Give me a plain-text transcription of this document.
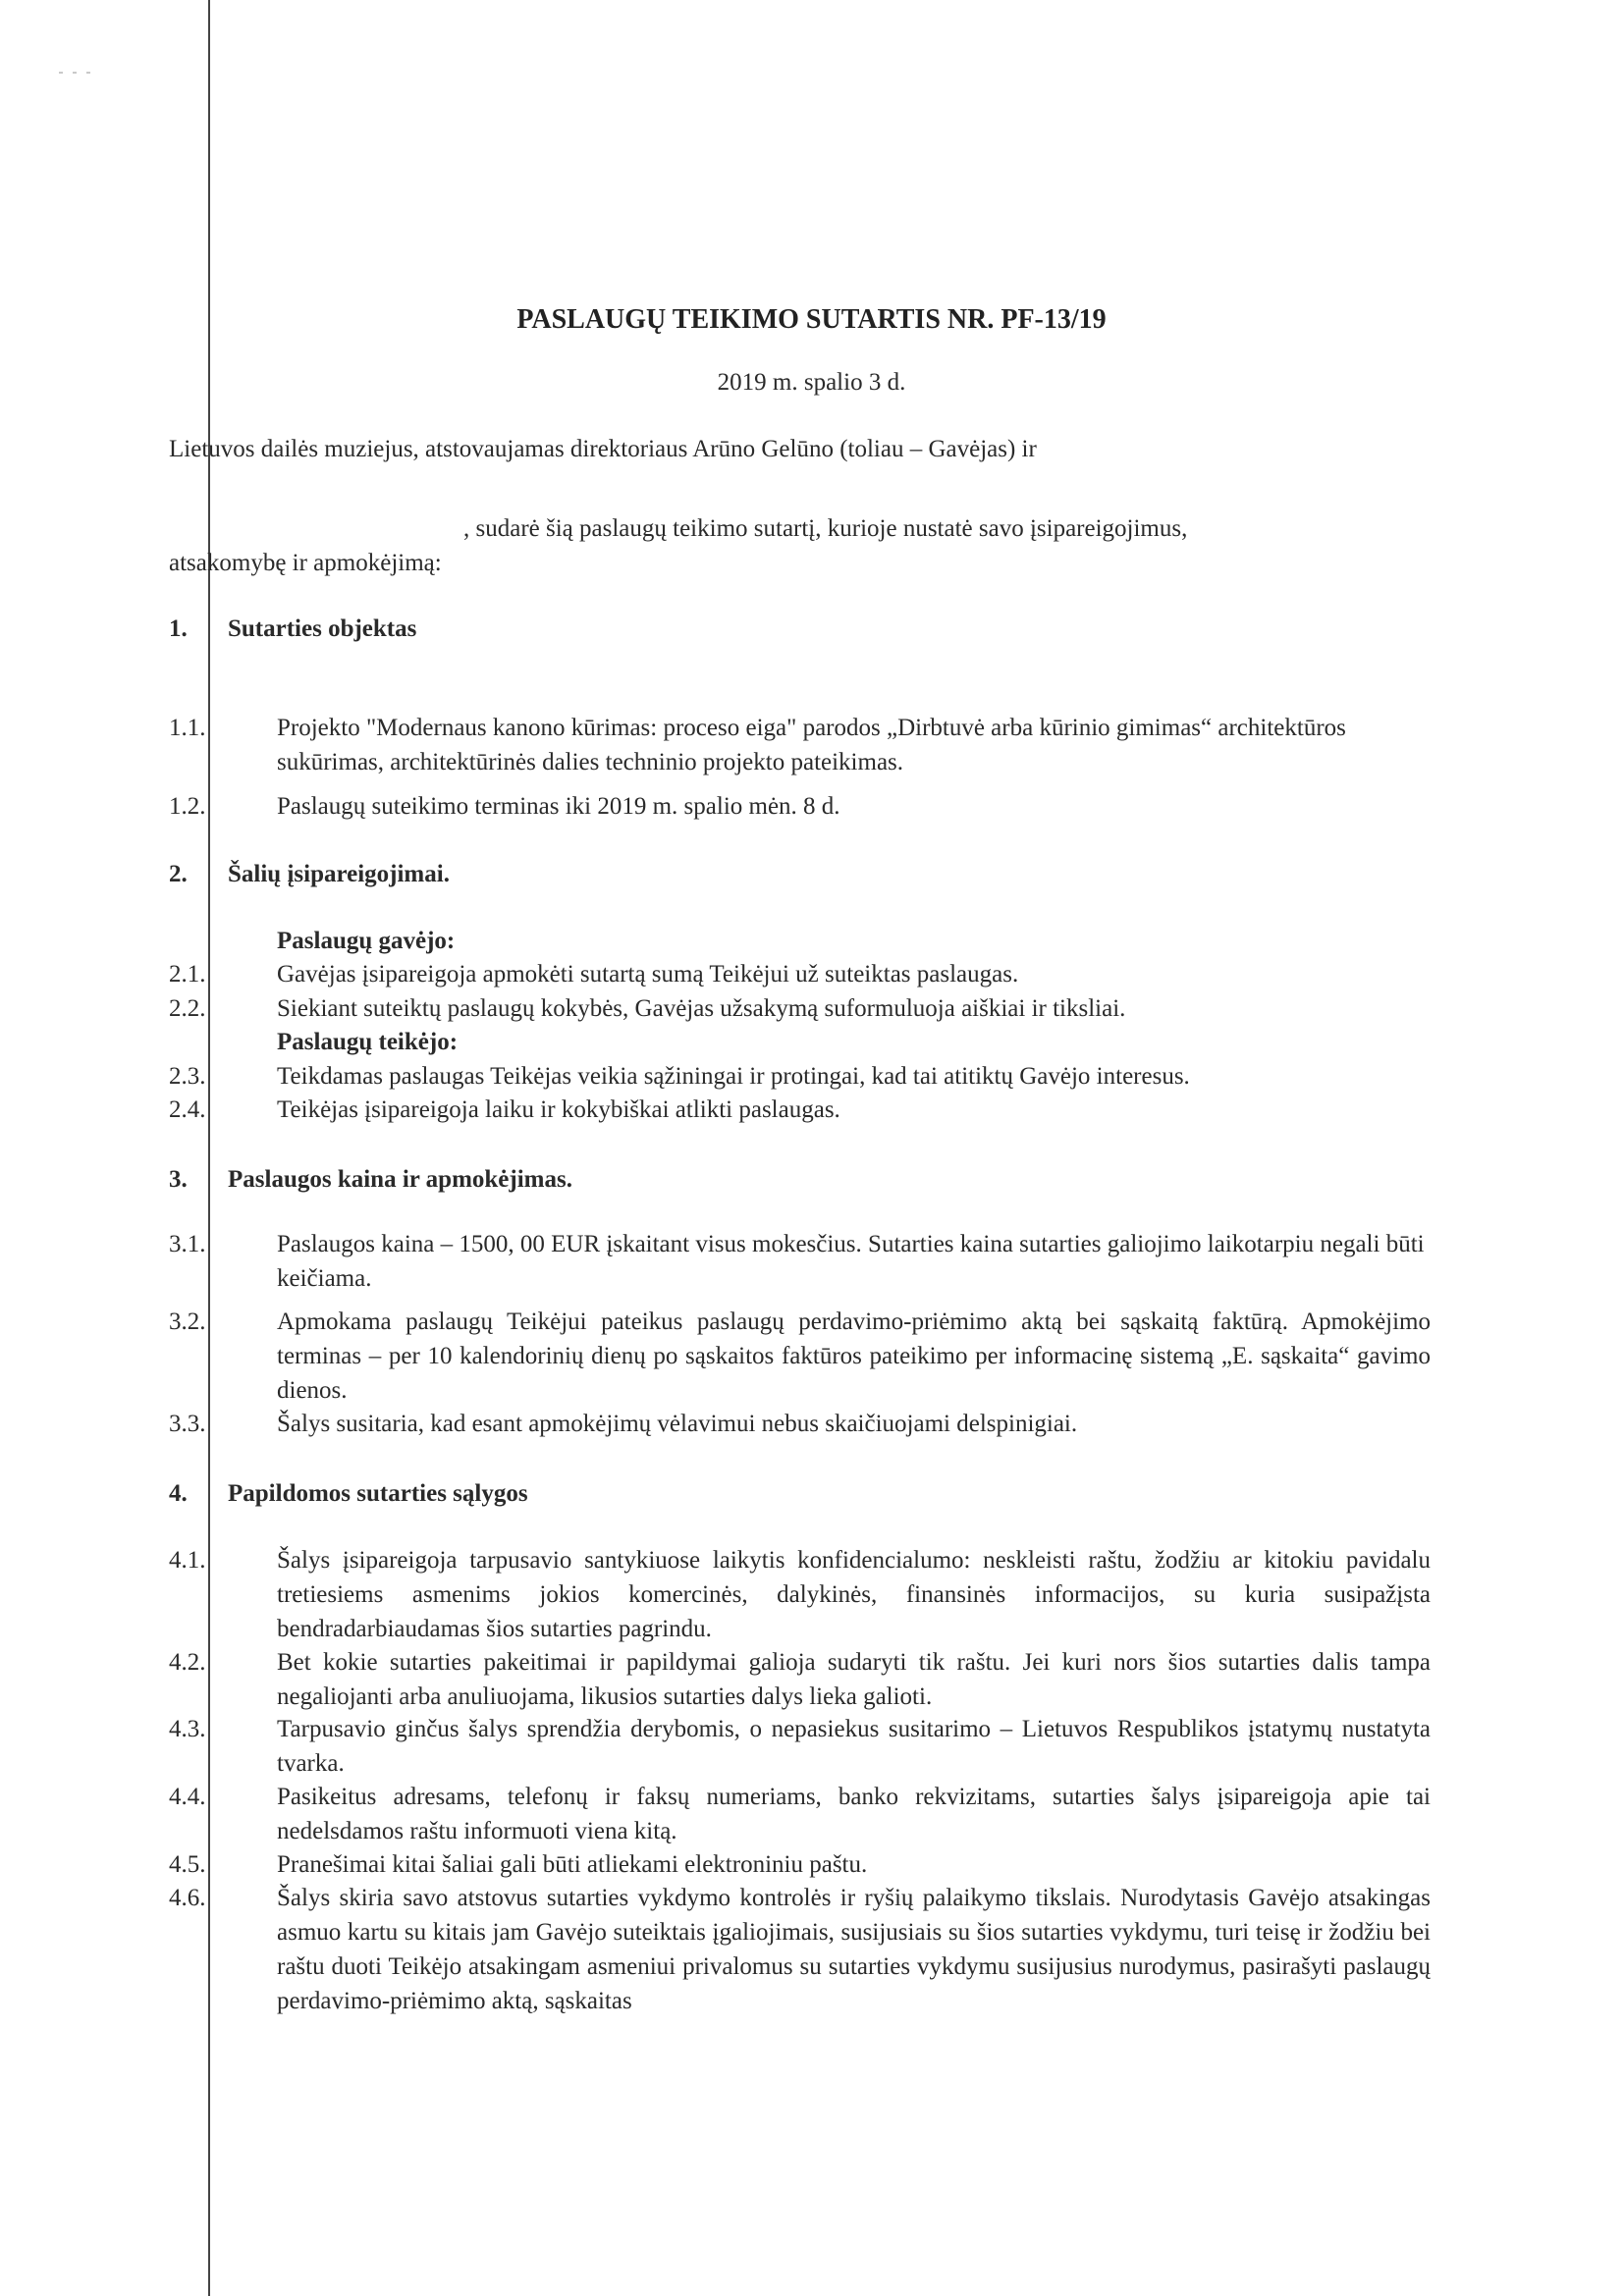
PASLAUGŲ TEIKIMO SUTARTIS NR. PF-13/19
2019 m. spalio 3 d.
Lietuvos dailės muziejus, atstovaujamas direktoriaus Arūno Gelūno (toliau – Gavėjas) ir
, sudarė šią paslaugų teikimo sutartį, kurioje nustatė savo įsipareigojimus,
atsakomybę ir apmokėjimą:
1. Sutarties objektas
1.1.	Projekto "Modernaus kanono kūrimas: proceso eiga" parodos „Dirbtuvė arba kūrinio gimimas“ architektūros sukūrimas, architektūrinės dalies techninio projekto pateikimas.
1.2.	Paslaugų suteikimo terminas iki 2019 m. spalio mėn. 8 d.
2. Šalių įsipareigojimai.
Paslaugų gavėjo:
2.1.	Gavėjas įsipareigoja apmokėti sutartą sumą Teikėjui už suteiktas paslaugas.
2.2.	Siekiant suteiktų paslaugų kokybės, Gavėjas užsakymą suformuluoja aiškiai ir tiksliai.
Paslaugų teikėjo:
2.3.	Teikdamas paslaugas Teikėjas veikia sąžiningai ir protingai, kad tai atitiktų Gavėjo interesus.
2.4.	Teikėjas įsipareigoja laiku ir kokybiškai atlikti paslaugas.
3. Paslaugos kaina ir apmokėjimas.
3.1.	Paslaugos kaina – 1500, 00 EUR įskaitant visus mokesčius. Sutarties kaina sutarties galiojimo laikotarpiu negali būti keičiama.
3.2.	Apmokama paslaugų Teikėjui pateikus paslaugų perdavimo-priėmimo aktą bei sąskaitą faktūrą. Apmokėjimo terminas – per 10 kalendorinių dienų po sąskaitos faktūros pateikimo per informacinę sistemą „E. sąskaita“ gavimo dienos.
3.3.	Šalys susitaria, kad esant apmokėjimų vėlavimui nebus skaičiuojami delspinigiai.
4. Papildomos sutarties sąlygos
4.1.	Šalys įsipareigoja tarpusavio santykiuose laikytis konfidencialumo: neskleisti raštu, žodžiu ar kitokiu pavidalu tretiesiems asmenims jokios komercinės, dalykinės, finansinės informacijos, su kuria susipažįsta bendradarbiaudamas šios sutarties pagrindu.
4.2.	Bet kokie sutarties pakeitimai ir papildymai galioja sudaryti tik raštu. Jei kuri nors šios sutarties dalis tampa negaliojanti arba anuliuojama, likusios sutarties dalys lieka galioti.
4.3.	Tarpusavio ginčus šalys sprendžia derybomis, o nepasiekus susitarimo – Lietuvos Respublikos įstatymų nustatyta tvarka.
4.4.	Pasikeitus adresams, telefonų ir faksų numeriams, banko rekvizitams, sutarties šalys įsipareigoja apie tai nedelsdamos raštu informuoti viena kitą.
4.5.	Pranešimai kitai šaliai gali būti atliekami elektroniniu paštu.
4.6.	Šalys skiria savo atstovus sutarties vykdymo kontrolės ir ryšių palaikymo tikslais. Nurodytasis Gavėjo atsakingas asmuo kartu su kitais jam Gavėjo suteiktais įgaliojimais, susijusiais su šios sutarties vykdymu, turi teisę ir žodžiu bei raštu duoti Teikėjo atsakingam asmeniui privalomus su sutarties vykdymu susijusius nurodymus, pasirašyti paslaugų perdavimo-priėmimo aktą, sąskaitas
